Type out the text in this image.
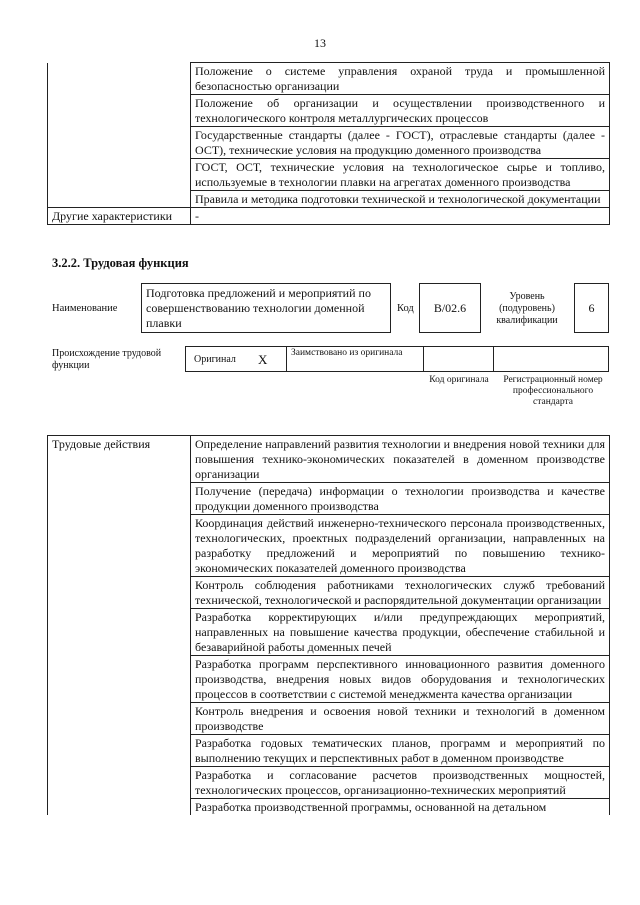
13
	Положение о системе управления охраной труда и промышленной безопасностью организации
	Положение об организации и осуществлении производственного и технологического контроля металлургических процессов
	Государственные стандарты (далее - ГОСТ), отраслевые стандарты (далее - ОСТ), технические условия на продукцию доменного производства
	ГОСТ, ОСТ, технические условия на технологическое сырье и топливо, используемые в технологии плавки на агрегатах доменного производства
	Правила и методика подготовки технической и технологической документации
Другие характеристики	-
3.2.2. Трудовая функция
Наименование
Подготовка предложений и мероприятий по совершенствованию технологии доменной плавки
Код В/02.6
Уровень (подуровень) квалификации
6
Происхождение трудовой функции
Оригинал X Заимствовано из оригинала
Код оригинала	Регистрационный номер профессионального стандарта
Трудовые действия	Определение направлений развития технологии и внедрения новой техники для повышения технико-экономических показателей в доменном производстве организации
Получение (передача) информации о технологии производства и качестве продукции доменного производства
Координация действий инженерно-технического персонала производственных, технологических, проектных подразделений организации, направленных на разработку предложений и мероприятий по повышению технико-экономических показателей доменного производства
Контроль соблюдения работниками технологических служб требований технической, технологической и распорядительной документации организации
Разработка корректирующих и/или предупреждающих мероприятий, направленных на повышение качества продукции, обеспечение стабильной и безаварийной работы доменных печей
Разработка программ перспективного инновационного развития доменного производства, внедрения новых видов оборудования и технологических процессов в соответствии с системой менеджмента качества организации
Контроль внедрения и освоения новой техники и технологий в доменном производстве
Разработка годовых тематических планов, программ и мероприятий по выполнению текущих и перспективных работ в доменном производстве
Разработка и согласование расчетов производственных мощностей, технологических процессов, организационно-технических мероприятий
Разработка производственной программы, основанной на детальном
